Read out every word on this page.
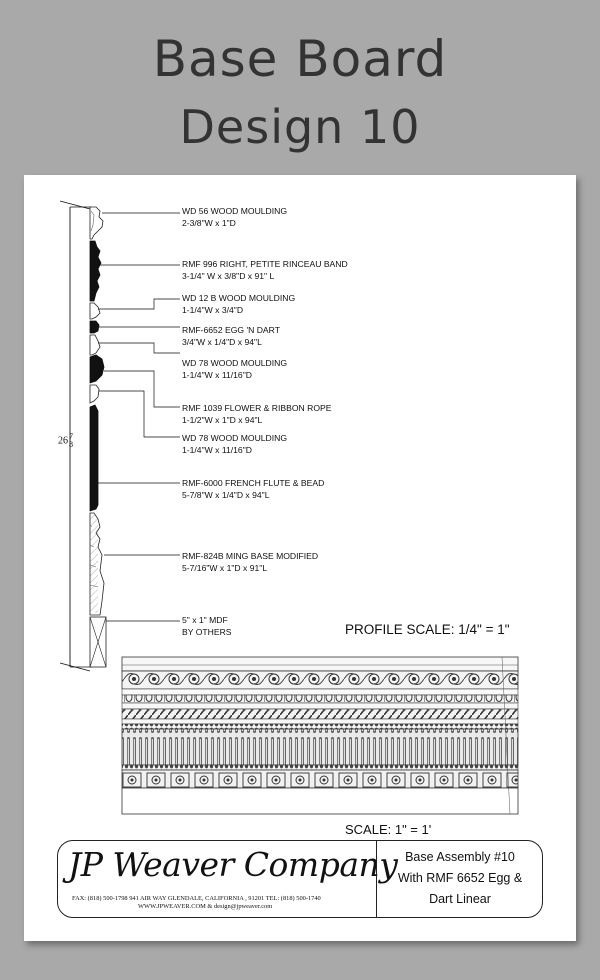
Base Board
Design 10
26 7
8
WD 56 WOOD MOULDING
2-3/8"W x 1"D
RMF 996 RIGHT, PETITE RINCEAU BAND
3-1/4" W x 3/8"D x 91" L
WD 12 B WOOD MOULDING
1-1/4"W x 3/4"D
RMF-6652 EGG 'N DART
3/4"W x 1/4"D x 94"L
WD 78 WOOD MOULDING
1-1/4"W x 11/16"D
RMF 1039 FLOWER & RIBBON ROPE
1-1/2"W x 1"D x 94"L
WD 78 WOOD MOULDING
1-1/4"W x 11/16"D
RMF-6000 FRENCH FLUTE & BEAD
5-7/8"W x 1/4"D x 94"L
RMF-824B MING BASE MODIFIED
5-7/16"W x 1"D x 91"L
5" x 1" MDF
BY OTHERS	PROFILE SCALE: 1/4" = 1"
SCALE: 1" = 1'
JP Weaver Company
FAX: (818) 500-1798 941 AIR WAY GLENDALE, CALIFORNIA , 91201 TEL: (818) 500-1740
WWW.JPWEAVER.COM & design@jpweaver.com
Base Assembly #10
With RMF 6652 Egg &
Dart Linear
